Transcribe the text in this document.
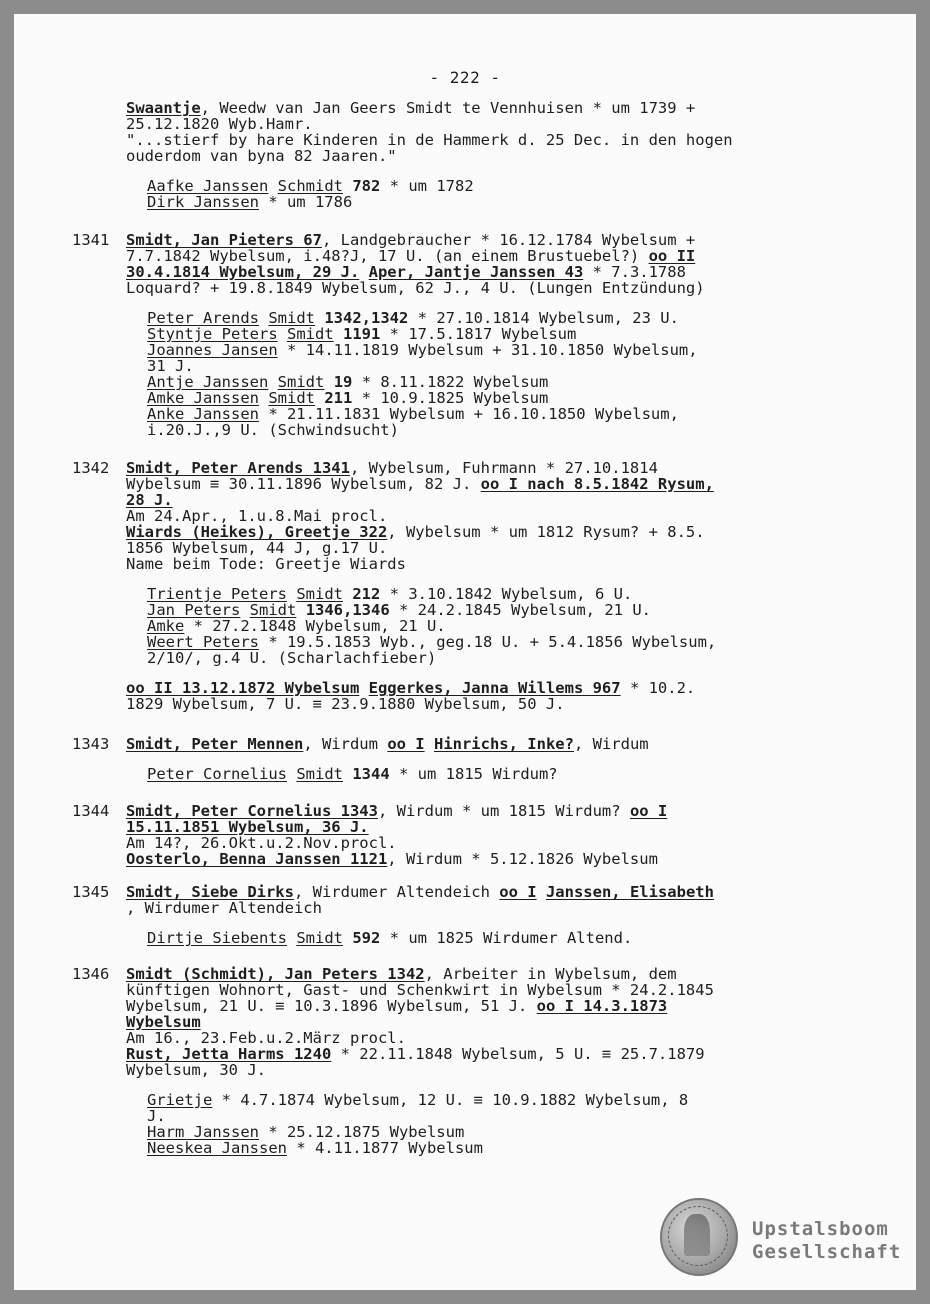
- 222 -

Swaantje, Weedw van Jan Geers Smidt te Vennhuisen * um 1739 +

25.12.1820 Wyb.Hamr.

"...stierf by hare Kinderen in de Hammerk d. 25 Dec. in den hogen

ouderdom van byna 82 Jaaren."

Aafke Janssen Schmidt 782 * um 1782

Dirk Janssen * um 1786

1341	Smidt, Jan Pieters 67, Landgebraucher * 16.12.1784 Wybelsum +

7.7.1842 Wybelsum, i.48?J, 17 U. (an einem Brustuebel?) oo II

30.4.1814 Wybelsum, 29 J. Aper, Jantje Janssen 43 * 7.3.1788

Loquard? + 19.8.1849 Wybelsum, 62 J., 4 U. (Lungen Entzündung)

Peter Arends Smidt 1342,1342 * 27.10.1814 Wybelsum, 23 U.

Styntje Peters Smidt 1191 * 17.5.1817 Wybelsum

Joannes Jansen * 14.11.1819 Wybelsum + 31.10.1850 Wybelsum,

31 J.

Antje Janssen Smidt 19 * 8.11.1822 Wybelsum

Amke Janssen Smidt 211 * 10.9.1825 Wybelsum

Anke Janssen * 21.11.1831 Wybelsum + 16.10.1850 Wybelsum,

i.20.J.,9 U. (Schwindsucht)

1342	Smidt, Peter Arends 1341, Wybelsum, Fuhrmann * 27.10.1814

Wybelsum ≡ 30.11.1896 Wybelsum, 82 J. oo I nach 8.5.1842 Rysum,

28 J.

Am 24.Apr., 1.u.8.Mai procl.

Wiards (Heikes), Greetje 322, Wybelsum * um 1812 Rysum? + 8.5.

1856 Wybelsum, 44 J, g.17 U.

Name beim Tode: Greetje Wiards

Trientje Peters Smidt 212 * 3.10.1842 Wybelsum, 6 U.

Jan Peters Smidt 1346,1346 * 24.2.1845 Wybelsum, 21 U.

Amke * 27.2.1848 Wybelsum, 21 U.

Weert Peters * 19.5.1853 Wyb., geg.18 U. + 5.4.1856 Wybelsum,

2/10/, g.4 U. (Scharlachfieber)

oo II 13.12.1872 Wybelsum Eggerkes, Janna Willems 967 * 10.2.

1829 Wybelsum, 7 U. ≡ 23.9.1880 Wybelsum, 50 J.

1343	Smidt, Peter Mennen, Wirdum oo I Hinrichs, Inke?, Wirdum

Peter Cornelius Smidt 1344 * um 1815 Wirdum?

1344	Smidt, Peter Cornelius 1343, Wirdum * um 1815 Wirdum? oo I

15.11.1851 Wybelsum, 36 J.

Am 14?, 26.Okt.u.2.Nov.procl.

Oosterlo, Benna Janssen 1121, Wirdum * 5.12.1826 Wybelsum

1345	Smidt, Siebe Dirks, Wirdumer Altendeich oo I Janssen, Elisabeth

, Wirdumer Altendeich

Dirtje Siebents Smidt 592 * um 1825 Wirdumer Altend.

1346	Smidt (Schmidt), Jan Peters 1342, Arbeiter in Wybelsum, dem

künftigen Wohnort, Gast- und Schenkwirt in Wybelsum * 24.2.1845

Wybelsum, 21 U. ≡ 10.3.1896 Wybelsum, 51 J. oo I 14.3.1873

Wybelsum

Am 16., 23.Feb.u.2.März procl.

Rust, Jetta Harms 1240 * 22.11.1848 Wybelsum, 5 U. ≡ 25.7.1879

Wybelsum, 30 J.

Grietje * 4.7.1874 Wybelsum, 12 U. ≡ 10.9.1882 Wybelsum, 8

J.

Harm Janssen * 25.12.1875 Wybelsum

Neeskea Janssen * 4.11.1877 Wybelsum

Upstalsboom
Gesellschaft
